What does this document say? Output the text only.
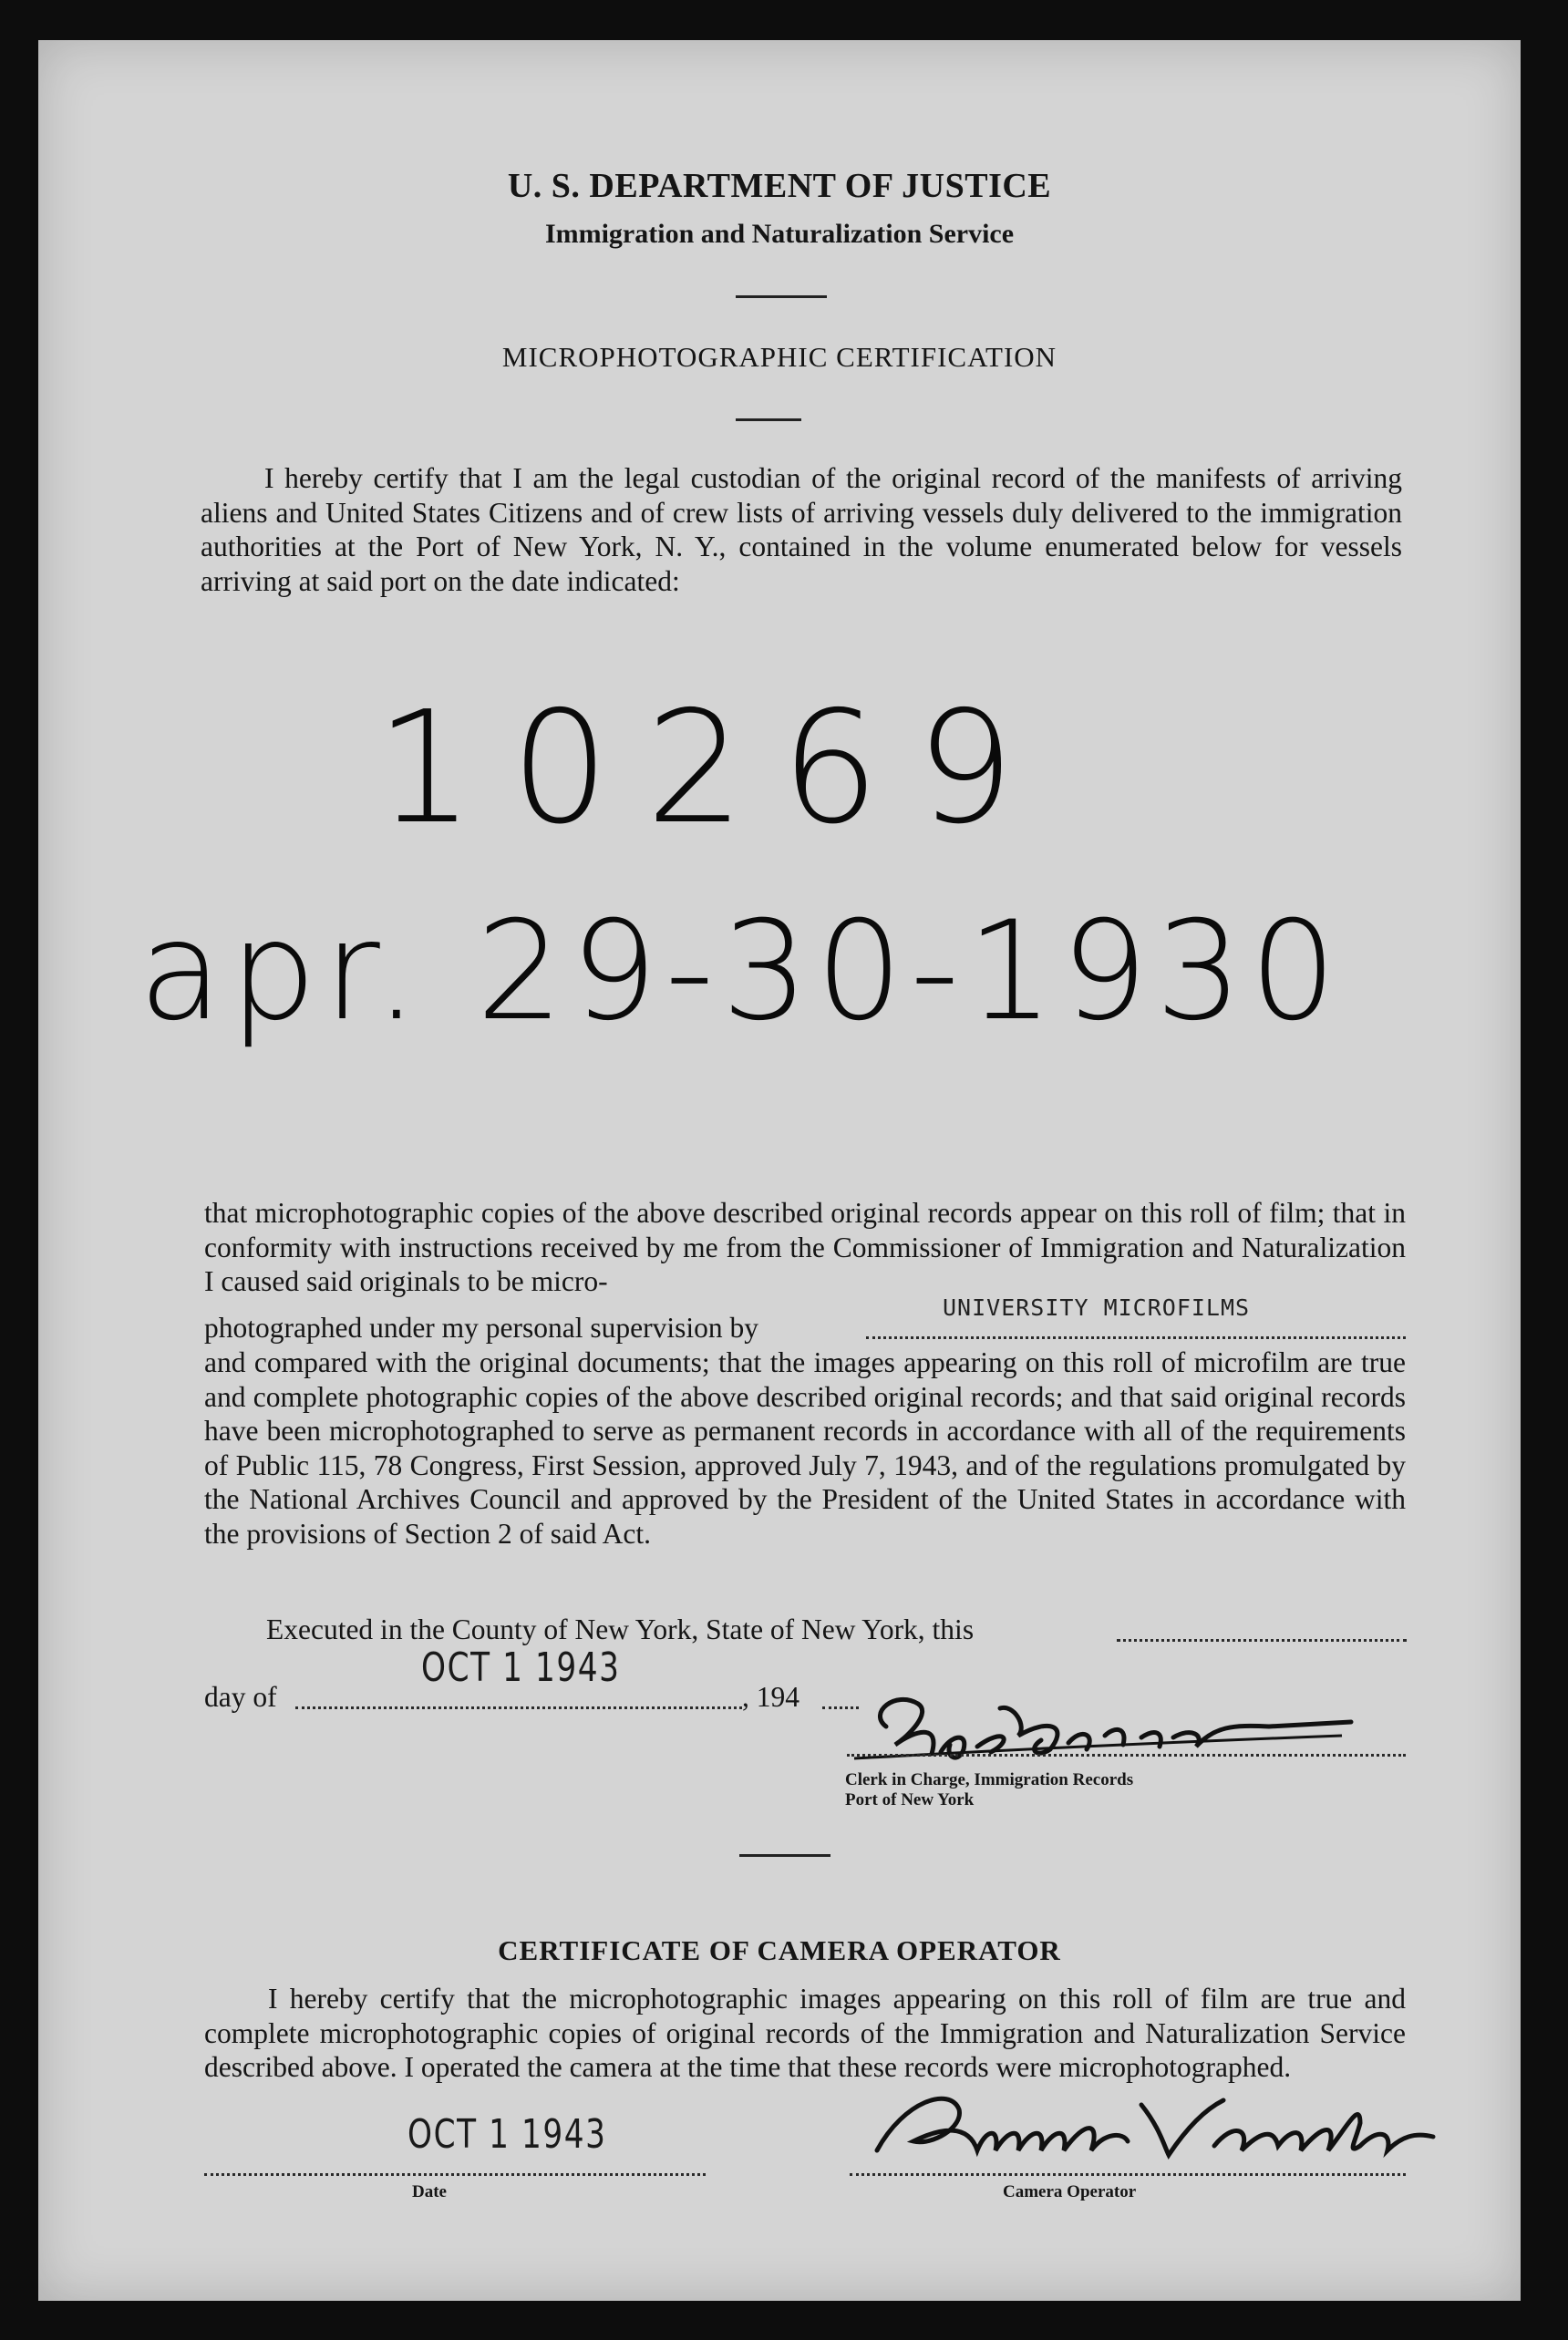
U. S. DEPARTMENT OF JUSTICE
Immigration and Naturalization Service
MICROPHOTOGRAPHIC CERTIFICATION
I hereby certify that I am the legal custodian of the original record of the manifests of arriving aliens and United States Citizens and of crew lists of arriving vessels duly delivered to the immigration authorities at the Port of New York, N. Y., contained in the volume enumerated below for vessels arriving at said port on the date indicated:
10269
apr. 29-30-1930
that microphotographic copies of the above described original records appear on this roll of film; that in conformity with instructions received by me from the Commissioner of Immigration and Naturalization I caused said originals to be micro-
photographed under my personal supervision by
UNIVERSITY MICROFILMS
and compared with the original documents; that the images appearing on this roll of microfilm are true and complete photographic copies of the above described original records; and that said original records have been microphotographed to serve as permanent records in accordance with all of the requirements of Public 115, 78 Congress, First Session, approved July 7, 1943, and of the regulations promulgated by the National Archives Council and approved by the President of the United States in accordance with the provisions of Section 2 of said Act.
Executed in the County of New York, State of New York, this
day of
OCT 1 1943
, 194
Clerk in Charge, Immigration Records
Port of New York
CERTIFICATE OF CAMERA OPERATOR
I hereby certify that the microphotographic images appearing on this roll of film are true and complete microphotographic copies of original records of the Immigration and Naturalization Service described above. I operated the camera at the time that these records were microphotographed.
OCT 1 1943
Date	Camera Operator
